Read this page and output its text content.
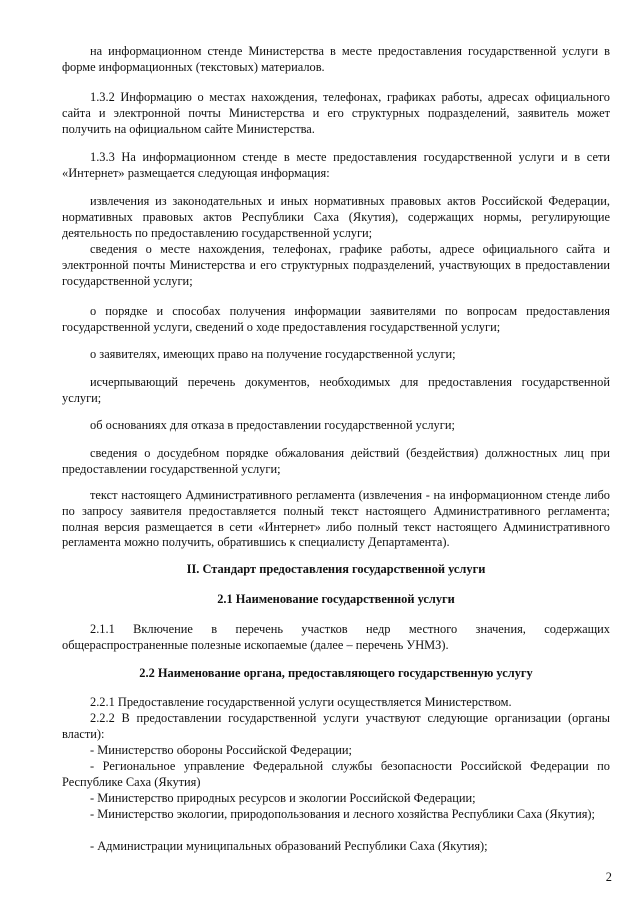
на информационном стенде Министерства в месте предоставления государственной услуги в форме информационных (текстовых) материалов.

1.3.2 Информацию о местах нахождения, телефонах, графиках работы, адресах официального сайта и электронной почты Министерства и его структурных подразделений, заявитель может получить на официальном сайте Министерства.

1.3.3 На информационном стенде в месте предоставления государственной услуги и в сети «Интернет» размещается следующая информация:

извлечения из законодательных и иных нормативных правовых актов Российской Федерации, нормативных правовых актов Республики Саха (Якутия), содержащих нормы, регулирующие деятельность по предоставлению государственной услуги;

сведения о месте нахождения, телефонах, графике работы, адресе официального сайта и электронной почты Министерства и его структурных подразделений, участвующих в предоставлении государственной услуги;

о порядке и способах получения информации заявителями по вопросам предоставления государственной услуги, сведений о ходе предоставления государственной услуги;

о заявителях, имеющих право на получение государственной услуги;

исчерпывающий перечень документов, необходимых для предоставления государственной услуги;

об основаниях для отказа в предоставлении государственной услуги;

сведения о досудебном порядке обжалования действий (бездействия) должностных лиц при предоставлении государственной услуги;

текст настоящего Административного регламента (извлечения - на информационном стенде либо по запросу заявителя предоставляется полный текст настоящего Административного регламента; полная версия размещается в сети «Интернет» либо полный текст настоящего Административного регламента можно получить, обратившись к специалисту Департамента).

II. Стандарт предоставления государственной услуги

2.1 Наименование государственной услуги

2.1.1 Включение в перечень участков недр местного значения, содержащих общераспространенные полезные ископаемые (далее – перечень УНМЗ).

2.2 Наименование органа, предоставляющего государственную услугу

2.2.1 Предоставление государственной услуги осуществляется Министерством.

2.2.2 В предоставлении государственной услуги участвуют следующие организации (органы власти):

- Министерство обороны Российской Федерации;

- Региональное управление Федеральной службы безопасности Российской Федерации по Республике Саха (Якутия)

- Министерство природных ресурсов и экологии Российской Федерации;

- Министерство экологии, природопользования и лесного хозяйства Республики Саха (Якутия);

- Администрации муниципальных образований Республики Саха (Якутия);

2
